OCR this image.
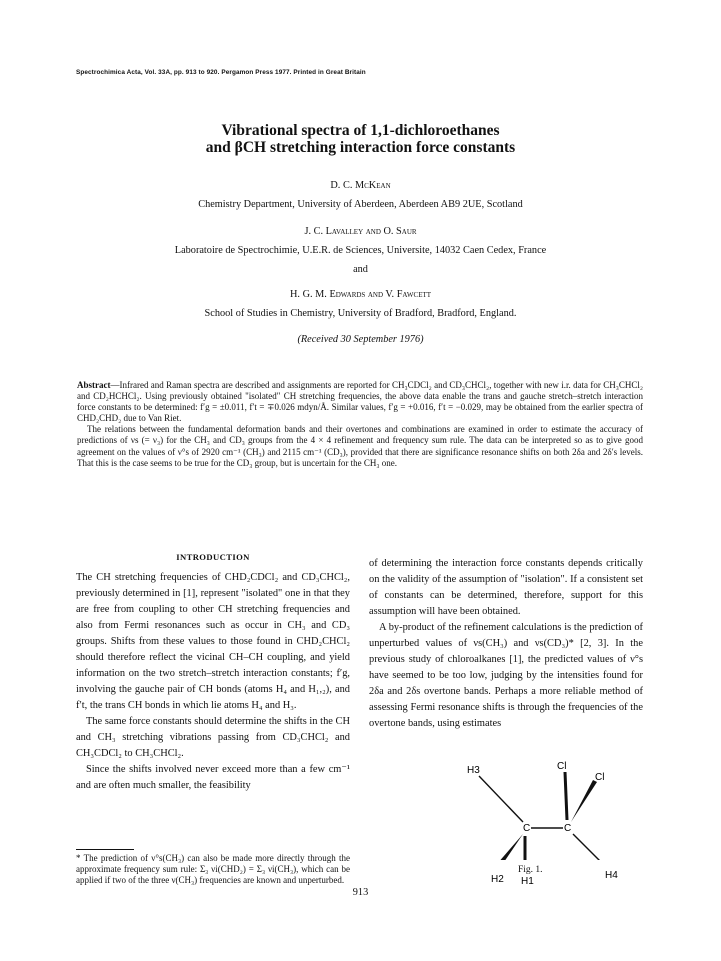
Spectrochimica Acta, Vol. 33A, pp. 913 to 920. Pergamon Press 1977. Printed in Great Britain
Vibrational spectra of 1,1-dichloroethanes
and βCH stretching interaction force constants
D. C. McKean
Chemistry Department, University of Aberdeen, Aberdeen AB9 2UE, Scotland
J. C. Lavalley and O. Saur
Laboratoire de Spectrochimie, U.E.R. de Sciences, Universite, 14032 Caen Cedex, France
and
H. G. M. Edwards and V. Fawcett
School of Studies in Chemistry, University of Bradford, Bradford, England.
(Received 30 September 1976)

Abstract—Infrared and Raman spectra are described and assignments are reported for CH₃CDCl₂ and CD₃CHCl₂, together with new i.r. data for CH₃CHCl₂ and CD₂HCHCl₂. Using previously obtained "isolated" CH stretching frequencies, the above data enable the trans and gauche stretch–stretch interaction force constants to be determined: f′g = ±0.011, f′t = ∓0.026 mdyn/Å. Similar values, f′g = +0.016, f′t = −0.029, may be obtained from the earlier spectra of CHD₂CHD₂ due to Van Riet.

The relations between the fundamental deformation bands and their overtones and combinations are examined in order to estimate the accuracy of predictions of νs (= ν₃) for the CH₃ and CD₃ groups from the 4 × 4 refinement and frequency sum rule. The data can be interpreted so as to give good agreement on the values of ν°s of 2920 cm⁻¹ (CH₃) and 2115 cm⁻¹ (CD₃), provided that there are significance resonance shifts on both 2δa and 2δ′s levels. That this is the case seems to be true for the CD₃ group, but is uncertain for the CH₃ one.

INTRODUCTION

The CH stretching frequencies of CHD₂CDCl₂ and CD₃CHCl₂, previously determined in [1], represent "isolated" one in that they are free from coupling to other CH stretching frequencies and also from Fermi resonances such as occur in CH₃ and CD₃ groups. Shifts from these values to those found in CHD₂CHCl₂ should therefore reflect the vicinal CH–CH coupling, and yield information on the two stretch–stretch interaction constants; f′g, involving the gauche pair of CH bonds (atoms H₄ and H₁,₂), and f′t, the trans CH bonds in which lie atoms H₄ and H₃.

The same force constants should determine the shifts in the CH and CH₃ stretching vibrations passing from CD₃CHCl₂ and CH₃CDCl₂ to CH₃CHCl₂.

Since the shifts involved never exceed more than a few cm⁻¹ and are often much smaller, the feasibility

* The prediction of ν°s(CH₃) can also be made more directly through the approximate frequency sum rule: Σ₃ νi(CHD₂) = Σ₃ νi(CH₃), which can be applied if two of the three ν(CH₃) frequencies are known and unperturbed.

of determining the interaction force constants depends critically on the validity of the assumption of "isolation". If a consistent set of constants can be determined, therefore, support for this assumption will have been obtained.

A by-product of the refinement calculations is the prediction of unperturbed values of νs(CH₃) and νs(CD₃)* [2, 3]. In the previous study of chloroalkanes [1], the predicted values of ν°s have seemed to be too low, judging by the intensities found for 2δa and 2δs overtone bands. Perhaps a more reliable method of assessing Fermi resonance shifts is through the frequencies of the overtone bands, using estimates

H3	Cl
Cl
C	C
H2 H1
H4
Fig. 1.
913
